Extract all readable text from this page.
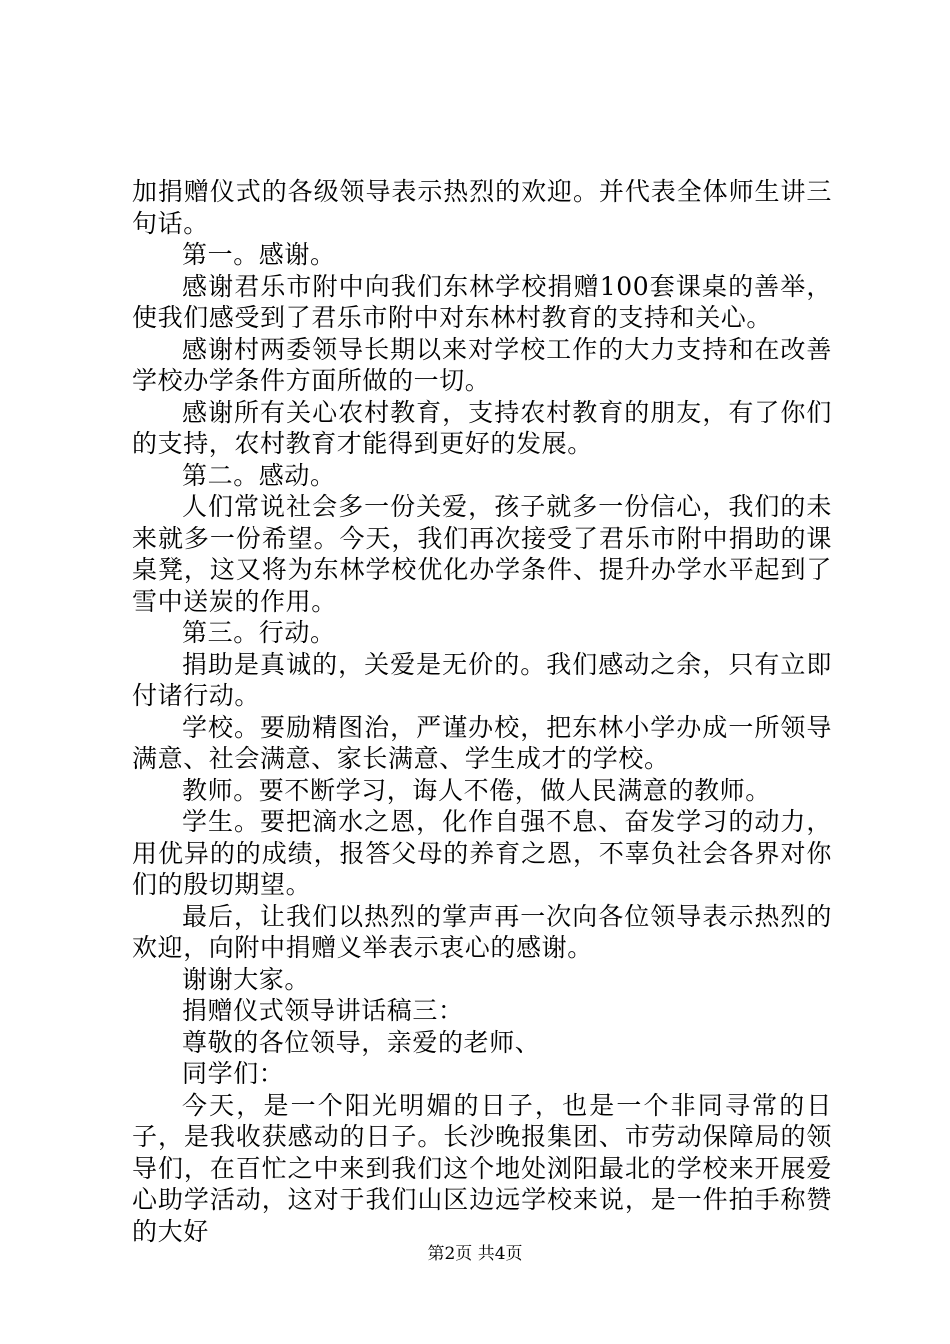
加捐赠仪式的各级领导表示热烈的欢迎。并代表全体师生讲三句话。

第一。感谢。

感谢君乐市附中向我们东林学校捐赠100套课桌的善举，使我们感受到了君乐市附中对东林村教育的支持和关心。

感谢村两委领导长期以来对学校工作的大力支持和在改善学校办学条件方面所做的一切。

感谢所有关心农村教育，支持农村教育的朋友，有了你们的支持，农村教育才能得到更好的发展。

第二。感动。

人们常说社会多一份关爱，孩子就多一份信心，我们的未来就多一份希望。今天，我们再次接受了君乐市附中捐助的课桌凳，这又将为东林学校优化办学条件、提升办学水平起到了雪中送炭的作用。

第三。行动。

捐助是真诚的，关爱是无价的。我们感动之余，只有立即付诸行动。

学校。要励精图治，严谨办校，把东林小学办成一所领导满意、社会满意、家长满意、学生成才的学校。

教师。要不断学习，诲人不倦，做人民满意的教师。

学生。要把滴水之恩，化作自强不息、奋发学习的动力，用优异的的成绩，报答父母的养育之恩，不辜负社会各界对你们的殷切期望。

最后，让我们以热烈的掌声再一次向各位领导表示热烈的欢迎，向附中捐赠义举表示衷心的感谢。

谢谢大家。

捐赠仪式领导讲话稿三：

尊敬的各位领导，亲爱的老师、

同学们：

今天，是一个阳光明媚的日子，也是一个非同寻常的日子，是我收获感动的日子。长沙晚报集团、市劳动保障局的领导们，在百忙之中来到我们这个地处浏阳最北的学校来开展爱心助学活动，这对于我们山区边远学校来说，是一件拍手称赞的大好

第2页 共4页
